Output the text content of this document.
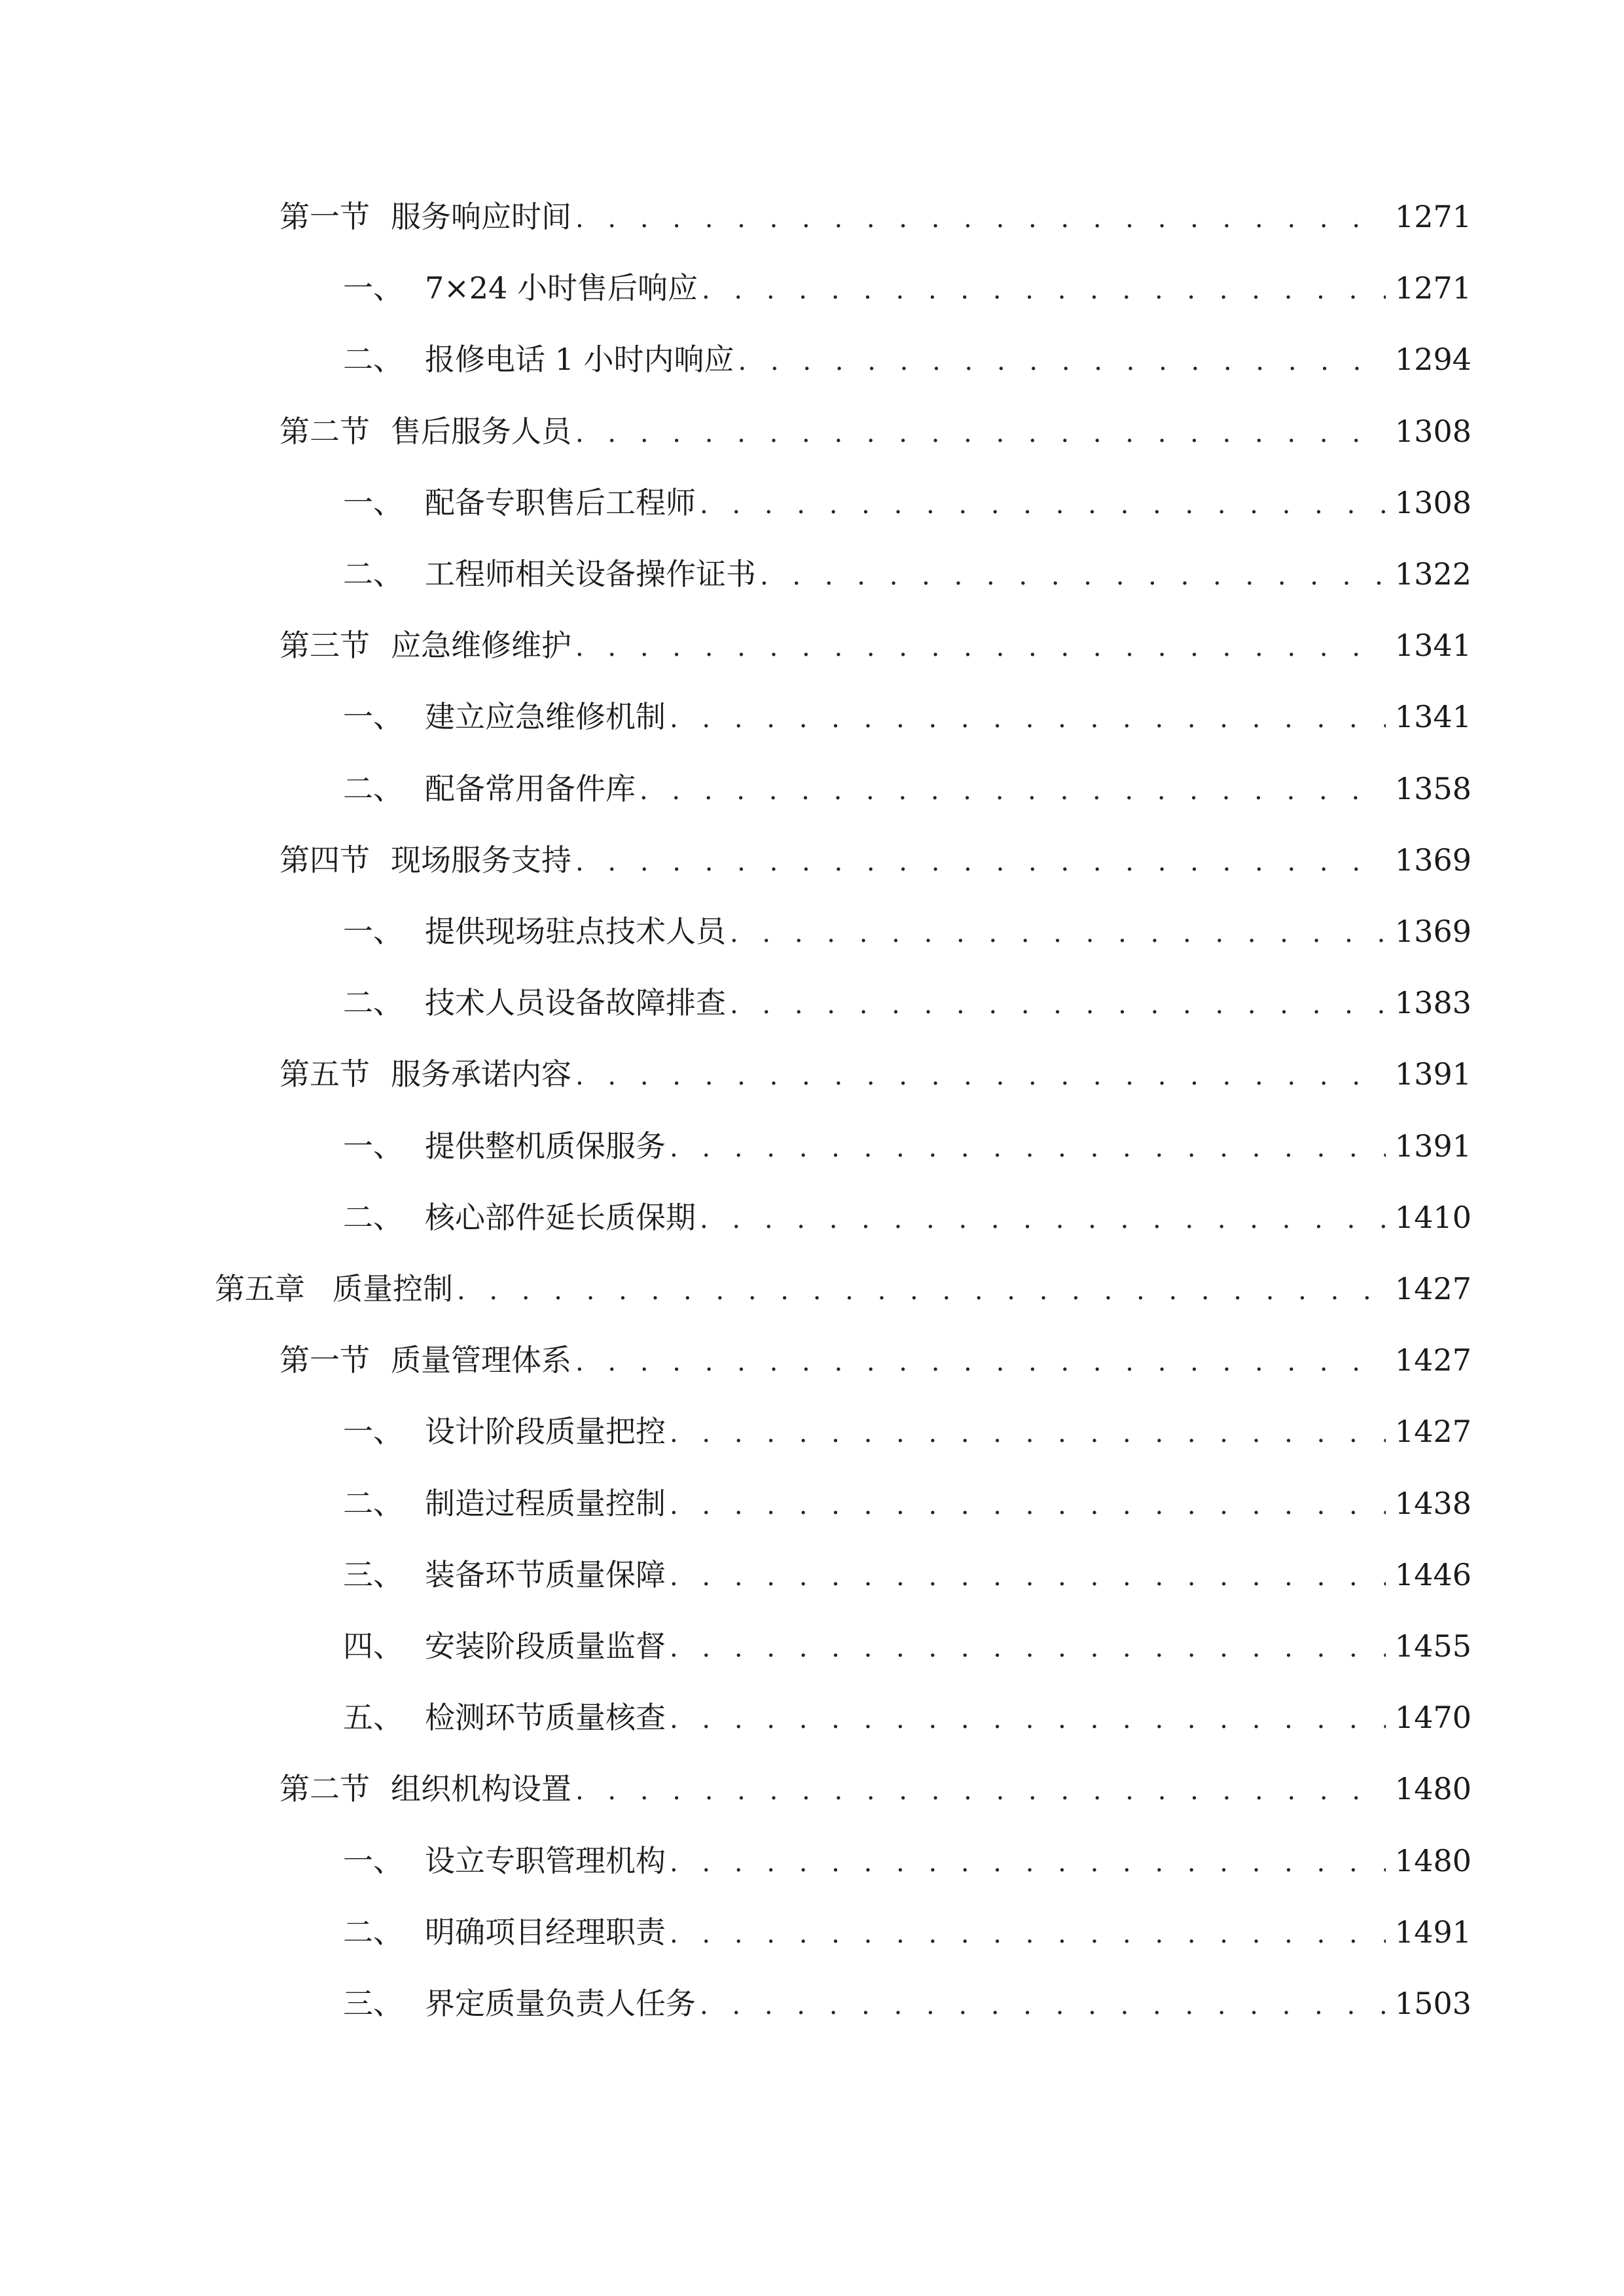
第一节 服务响应时间 . . .	1271
一、 7×24 小时售后响应 . . .	1271
二、 报修电话 1 小时内响应 . . .	1294
第二节 售后服务人员 . . .	1308
一、 配备专职售后工程师 . . .	1308
二、 工程师相关设备操作证书 . . .	1322
第三节 应急维修维护 . . .	1341
一、 建立应急维修机制 . . .	1341
二、 配备常用备件库 . . .	1358
第四节 现场服务支持 . . .	1369
一、 提供现场驻点技术人员 . . .	1369
二、 技术人员设备故障排查 . . .	1383
第五节 服务承诺内容 . . .	1391
一、 提供整机质保服务 . . .	1391
二、 核心部件延长质保期 . . .	1410
第五章 质量控制 . . .	1427
第一节 质量管理体系 . . .	1427
一、 设计阶段质量把控 . . .	1427
二、 制造过程质量控制 . . .	1438
三、 装备环节质量保障 . . .	1446
四、 安装阶段质量监督 . . .	1455
五、 检测环节质量核查 . . .	1470
第二节 组织机构设置 . . .	1480
一、 设立专职管理机构 . . .	1480
二、 明确项目经理职责 . . .	1491
三、 界定质量负责人任务 . . .	1503
